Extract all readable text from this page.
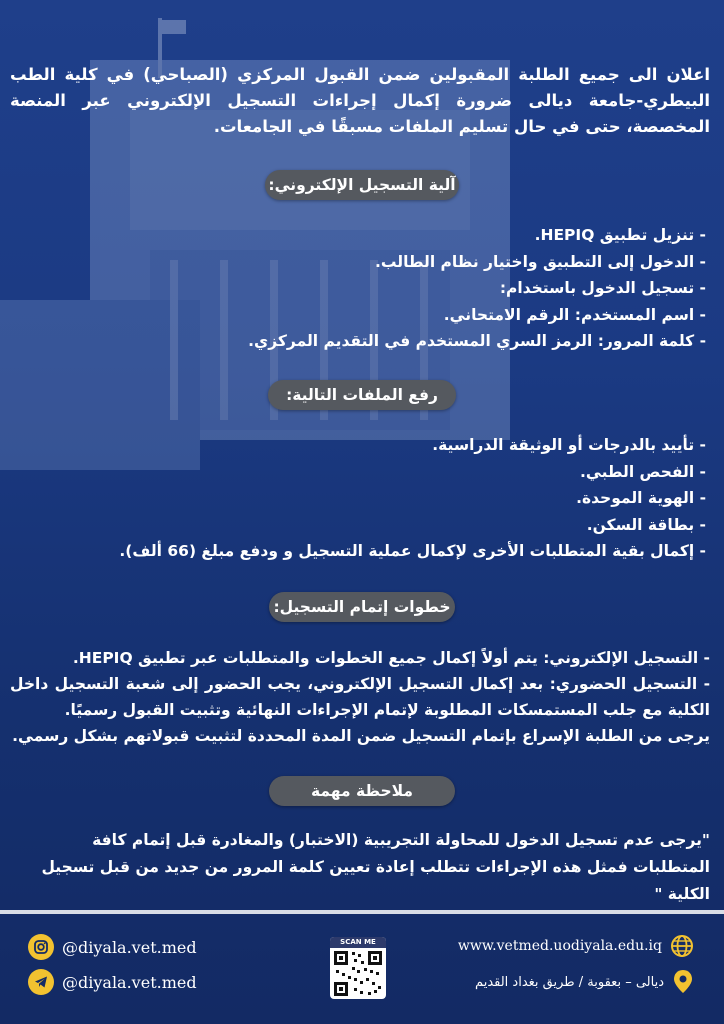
اعلان الى جميع الطلبة المقبولين ضمن القبول المركزي (الصباحي) في كلية الطب البيطري-جامعة ديالى ضرورة إكمال إجراءات التسجيل الإلكتروني عبر المنصة المخصصة، حتى في حال تسليم الملفات مسبقًا في الجامعات.
آلية التسجيل الإلكتروني:
- تنزيل تطبيق HEPIQ.
- الدخول إلى التطبيق واختيار نظام الطالب.
- تسجيل الدخول باستخدام:
- اسم المستخدم: الرقم الامتحاني.
- كلمة المرور: الرمز السري المستخدم في التقديم المركزي.
رفع الملفات التالية:
- تأييد بالدرجات أو الوثيقة الدراسية.
- الفحص الطبي.
- الهوية الموحدة.
- بطاقة السكن.
- إكمال بقية المتطلبات الأخرى لإكمال عملية التسجيل و ودفع مبلغ (66 ألف).
خطوات إتمام التسجيل:
- التسجيل الإلكتروني: يتم أولاً إكمال جميع الخطوات والمتطلبات عبر تطبيق HEPIQ.
- التسجيل الحضوري: بعد إكمال التسجيل الإلكتروني، يجب الحضور إلى شعبة التسجيل داخل الكلية مع جلب المستمسكات المطلوبة لإتمام الإجراءات النهائية وتثبيت القبول رسميًا.
يرجى من الطلبة الإسراع بإتمام التسجيل ضمن المدة المحددة لتثبيت قبولاتهم بشكل رسمي.
ملاحظة مهمة
"يرجى عدم تسجيل الدخول للمحاولة التجريبية (الاختبار) والمغادرة قبل إتمام كافة المتطلبات فمثل هذه الإجراءات تتطلب إعادة تعيين كلمة المرور من جديد من قبل تسجيل الكلية "
@diyala.vet.med
@diyala.vet.med
SCAN ME	www.vetmed.uodiyala.edu.iq
ديالى – بعقوبة / طريق بغداد القديم
